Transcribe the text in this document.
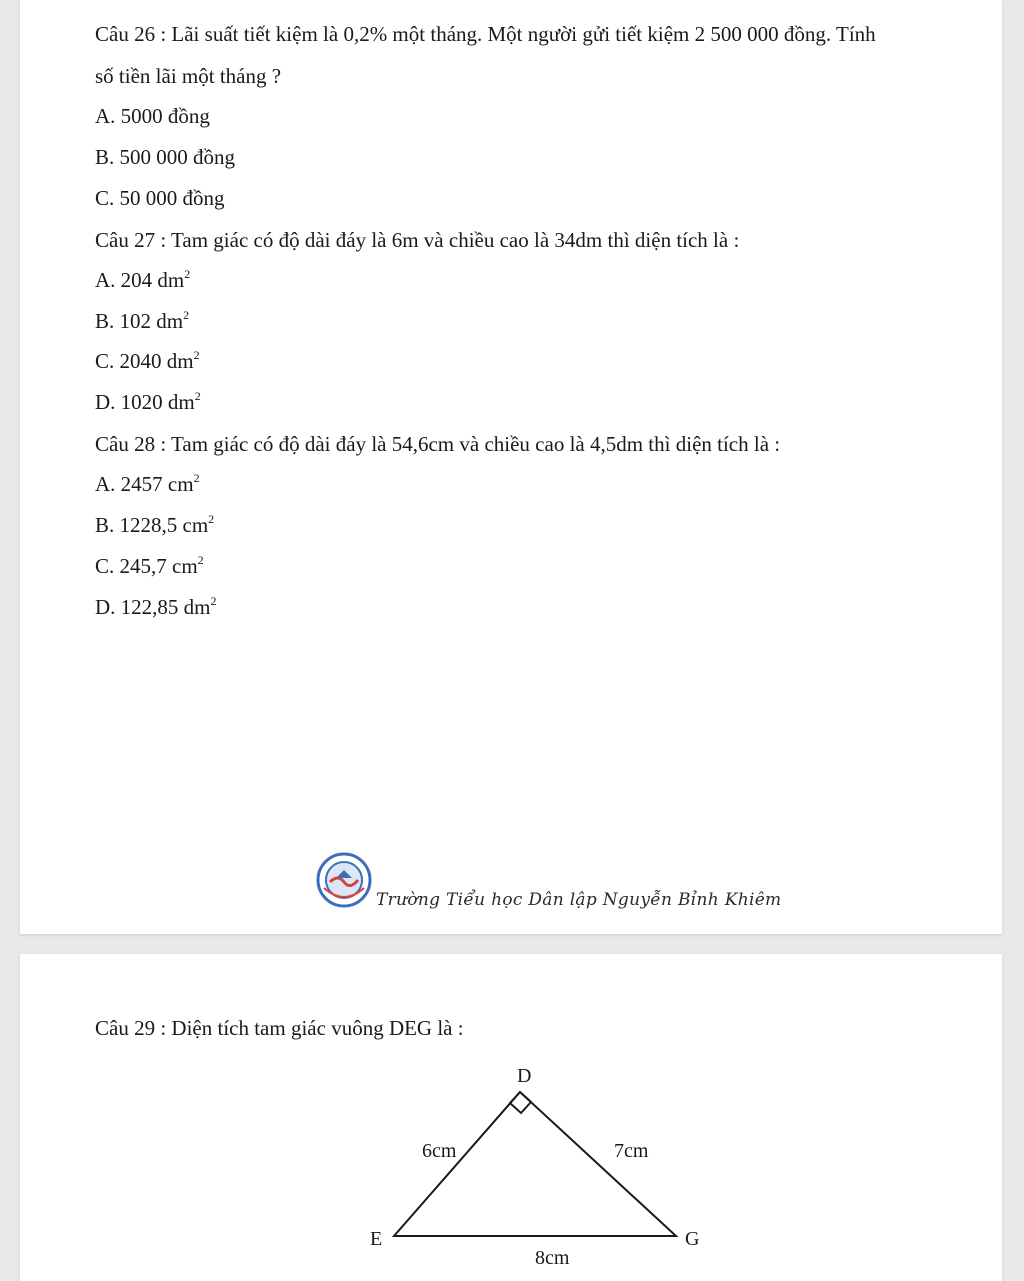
Câu 26 : Lãi suất tiết kiệm là 0,2% một tháng. Một người gửi tiết kiệm 2 500 000 đồng. Tính
số tiền lãi một tháng ?
A. 5000 đồng
B. 500 000 đồng
C. 50 000 đồng
Câu 27 : Tam giác có độ dài đáy là 6m và chiều cao là 34dm thì diện tích là :
A. 204 $dm^2$
B. 102 $dm^2$
C. 2040 $dm^2$
D. 1020 $dm^2$
Câu 28 : Tam giác có độ dài đáy là 54,6cm và chiều cao là 4,5dm thì diện tích là :
A. 2457 $cm^2$
B. 1228,5 $cm^2$
C. 245,7 $cm^2$
D. 122,85 $dm^2$
Trường Tiểu học Dân lập Nguyễn Bỉnh Khiêm
Câu 29 : Diện tích tam giác vuông DEG là :
D
E	G
6cm	7cm
8cm
